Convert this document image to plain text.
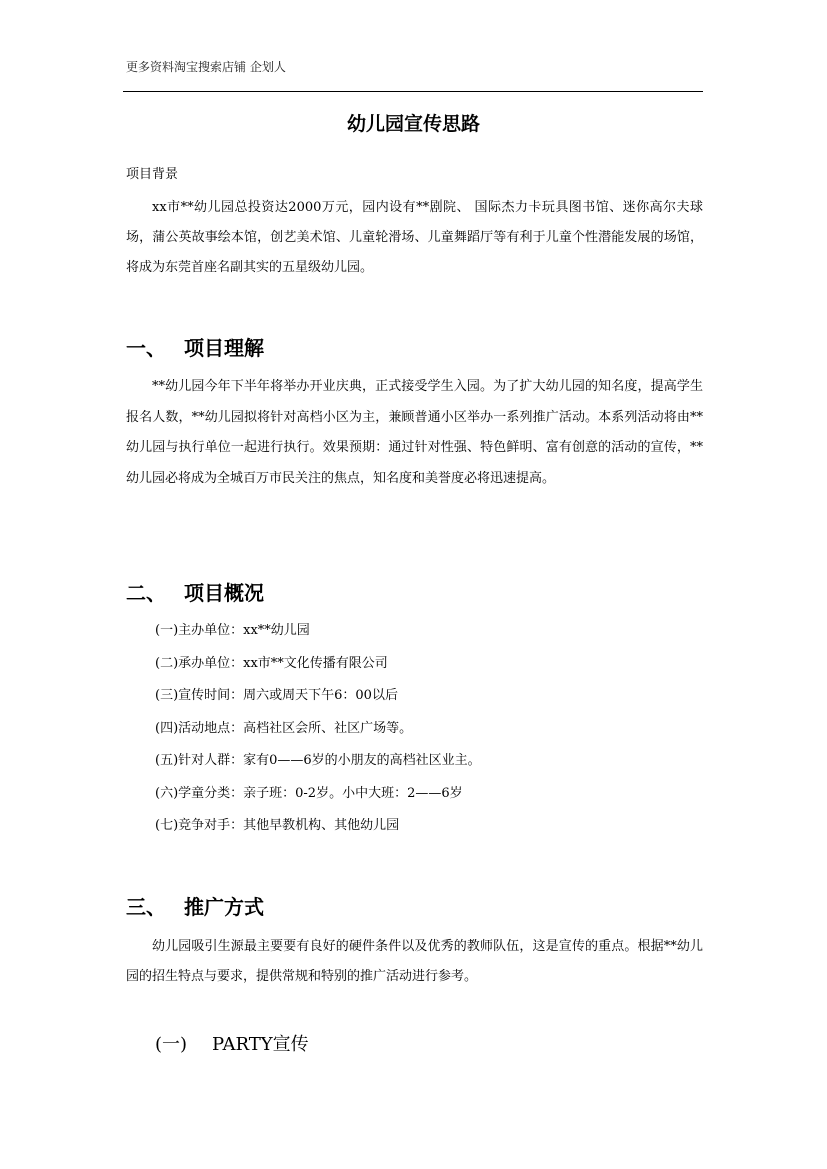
更多资料淘宝搜索店铺 企划人
幼儿园宣传思路
项目背景

xx市**幼儿园总投资达2000万元，园内设有**剧院、 国际杰力卡玩具图书馆、迷你高尔夫球场，蒲公英故事绘本馆，创艺美术馆、儿童轮滑场、儿童舞蹈厅等有利于儿童个性潜能发展的场馆，将成为东莞首座名副其实的五星级幼儿园。

一、 项目理解

**幼儿园今年下半年将举办开业庆典，正式接受学生入园。为了扩大幼儿园的知名度，提高学生报名人数，**幼儿园拟将针对高档小区为主，兼顾普通小区举办一系列推广活动。本系列活动将由**幼儿园与执行单位一起进行执行。效果预期：通过针对性强、特色鲜明、富有创意的活动的宣传，**幼儿园必将成为全城百万市民关注的焦点，知名度和美誉度必将迅速提高。

二、 项目概况
(一)主办单位：xx**幼儿园
(二)承办单位：xx市**文化传播有限公司
(三)宣传时间：周六或周天下午6：00以后
(四)活动地点：高档社区会所、社区广场等。
(五)针对人群：家有0——6岁的小朋友的高档社区业主。
(六)学童分类：亲子班：0-2岁。小中大班：2——6岁
(七)竞争对手：其他早教机构、其他幼儿园
三、 推广方式

幼儿园吸引生源最主要要有良好的硬件条件以及优秀的教师队伍，这是宣传的重点。根据**幼儿园的招生特点与要求，提供常规和特别的推广活动进行参考。

(一) PARTY宣传
